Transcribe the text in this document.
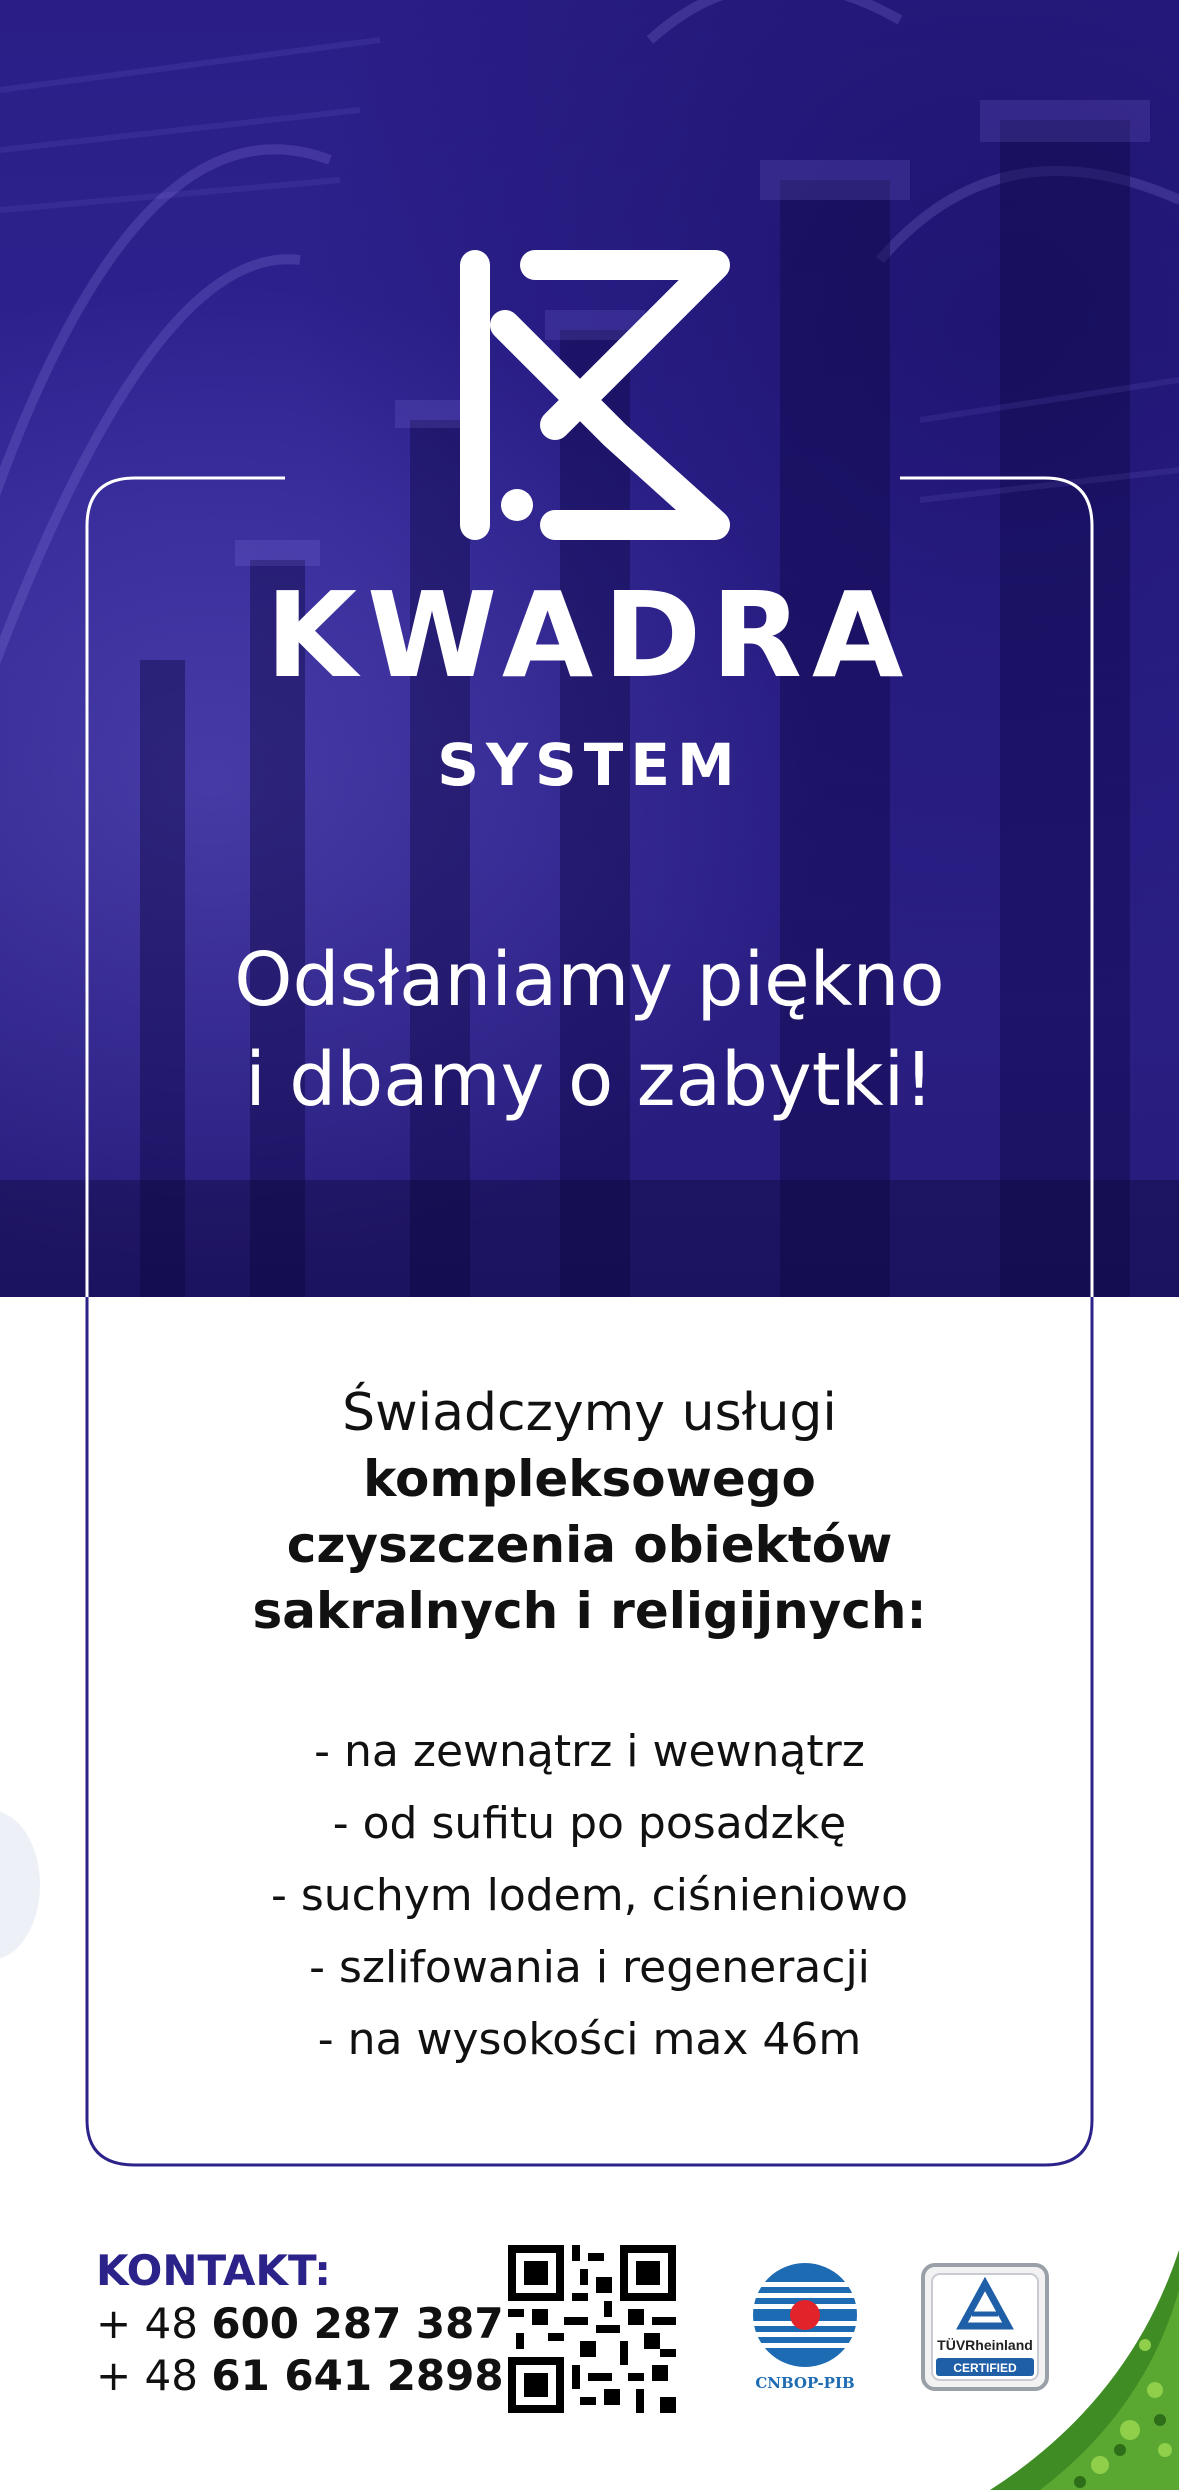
KWADRA
SYSTEM
Odsłaniamy piękno
i dbamy o zabytki!
Świadczymy usługi
kompleksowego
czyszczenia obiektów
sakralnych i religijnych:
- na zewnątrz i wewnątrz
- od sufitu po posadzkę
- suchym lodem, ciśnieniowo
- szlifowania i regeneracji
- na wysokości max 46m
KONTAKT:
+ 48 600 287 387
+ 48 61 641 2898	CNBOP-PIB
TÜVRheinland
CERTIFIED
